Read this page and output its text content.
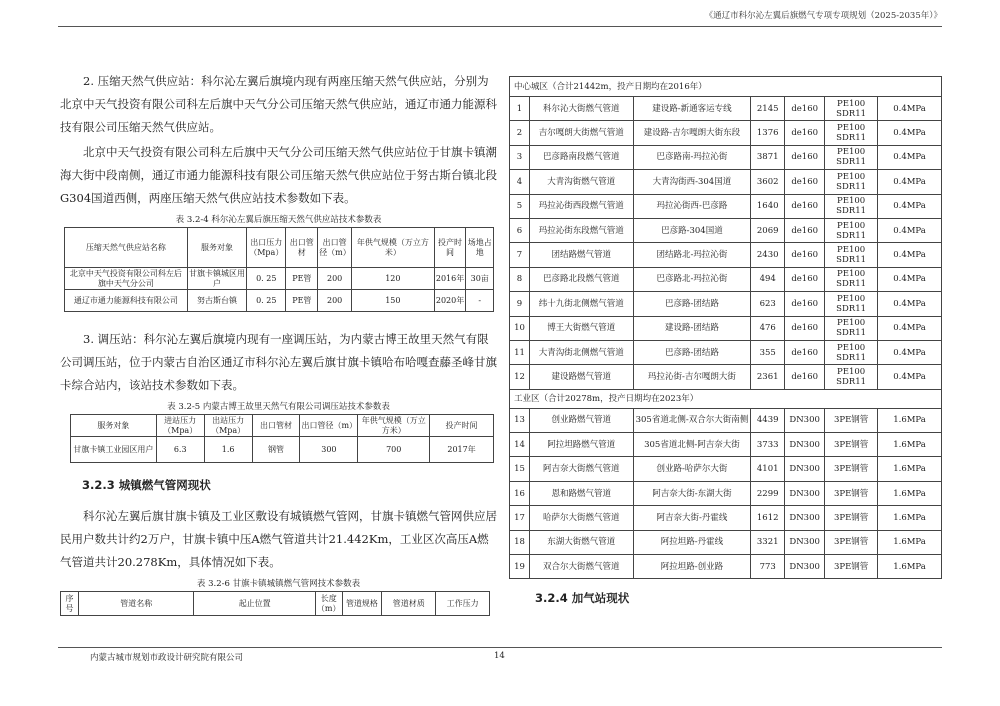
《通辽市科尔沁左翼后旗燃气专项专项规划（2025-2035年）》

2. 压缩天然气供应站：科尔沁左翼后旗境内现有两座压缩天然气供应站，分别为北京中天气投资有限公司科左后旗中天气分公司压缩天然气供应站，通辽市通力能源科技有限公司压缩天然气供应站。

北京中天气投资有限公司科左后旗中天气分公司压缩天然气供应站位于甘旗卡镇潮海大街中段南侧，通辽市通力能源科技有限公司压缩天然气供应站位于努古斯台镇北段G304国道西侧，两座压缩天然气供应站技术参数如下表。

表 3.2-4 科尔沁左翼后旗压缩天然气供应站技术参数表
压缩天然气供应站名称	服务对象	出口压力（Mpa）	出口管材	出口管径（m）	年供气规模（万立方米）	投产时间	场地占地
北京中天气投资有限公司科左后旗中天气分公司	甘旗卡镇城区用户	0. 25	PE管	200	120	2016年	30亩
通辽市通力能源科技有限公司	努古斯台镇	0. 25	PE管	200	150	2020年	-

3. 调压站：科尔沁左翼后旗境内现有一座调压站，为内蒙古博王故里天然气有限公司调压站，位于内蒙古自治区通辽市科尔沁左翼后旗甘旗卡镇哈布哈嘎查藤圣峰甘旗卡综合站内，该站技术参数如下表。

表 3.2-5 内蒙古博王故里天然气有限公司调压站技术参数表
服务对象	进站压力（Mpa）	出站压力（Mpa）	出口管材	出口管径（m）	年供气规模（万立方米）	投产时间
甘旗卡镇工业园区用户	6.3	1.6	钢管	300	700	2017年
3.2.3 城镇燃气管网现状

科尔沁左翼后旗甘旗卡镇及工业区敷设有城镇燃气管网，甘旗卡镇燃气管网供应居民用户数共计约2万户，甘旗卡镇中压A燃气管道共计21.442Km，工业区次高压A燃气管道共计20.278Km，具体情况如下表。

表 3.2-6 甘旗卡镇城镇燃气管网技术参数表
序号	管道名称	起止位置	长度（m）	管道规格	管道材质	工作压力
中心城区（合计21442m，投产日期均在2016年）						
1	科尔沁大街燃气管道	建设路-新通客运专线	2145	de160	PE100 SDR11	0.4MPa
2	吉尔嘎朗大街燃气管道	建设路-吉尔嘎朗大街东段	1376	de160	PE100 SDR11	0.4MPa
3	巴彦路南段燃气管道	巴彦路南-玛拉沁街	3871	de160	PE100 SDR11	0.4MPa
4	大青沟街燃气管道	大青沟街西-304国道	3602	de160	PE100 SDR11	0.4MPa
5	玛拉沁街西段燃气管道	玛拉沁街西-巴彦路	1640	de160	PE100 SDR11	0.4MPa
6	玛拉沁街东段燃气管道	巴彦路-304国道	2069	de160	PE100 SDR11	0.4MPa
7	团结路燃气管道	团结路北-玛拉沁街	2430	de160	PE100 SDR11	0.4MPa
8	巴彦路北段燃气管道	巴彦路北-玛拉沁街	494	de160	PE100 SDR11	0.4MPa
9	纬十九街北侧燃气管道	巴彦路-团结路	623	de160	PE100 SDR11	0.4MPa
10	博王大街燃气管道	建设路-团结路	476	de160	PE100 SDR11	0.4MPa
11	大青沟街北侧燃气管道	巴彦路-团结路	355	de160	PE100 SDR11	0.4MPa
12	建设路燃气管道	玛拉沁街-吉尔嘎朗大街	2361	de160	PE100 SDR11	0.4MPa
工业区（合计20278m，投产日期均在2023年）						
13	创业路燃气管道	305省道北侧-双合尔大街南侧	4439	DN300	3PE钢管	1.6MPa
14	阿拉坦路燃气管道	305省道北侧-阿吉奈大街	3733	DN300	3PE钢管	1.6MPa
15	阿吉奈大街燃气管道	创业路-哈萨尔大街	4101	DN300	3PE钢管	1.6MPa
16	恩和路燃气管道	阿吉奈大街-东湖大街	2299	DN300	3PE钢管	1.6MPa
17	哈萨尔大街燃气管道	阿吉奈大街-丹霍线	1612	DN300	3PE钢管	1.6MPa
18	东湖大街燃气管道	阿拉坦路-丹霍线	3321	DN300	3PE钢管	1.6MPa
19	双合尔大街燃气管道	阿拉坦路-创业路	773	DN300	3PE钢管	1.6MPa
3.2.4 加气站现状
内蒙古城市规划市政设计研究院有限公司	14
